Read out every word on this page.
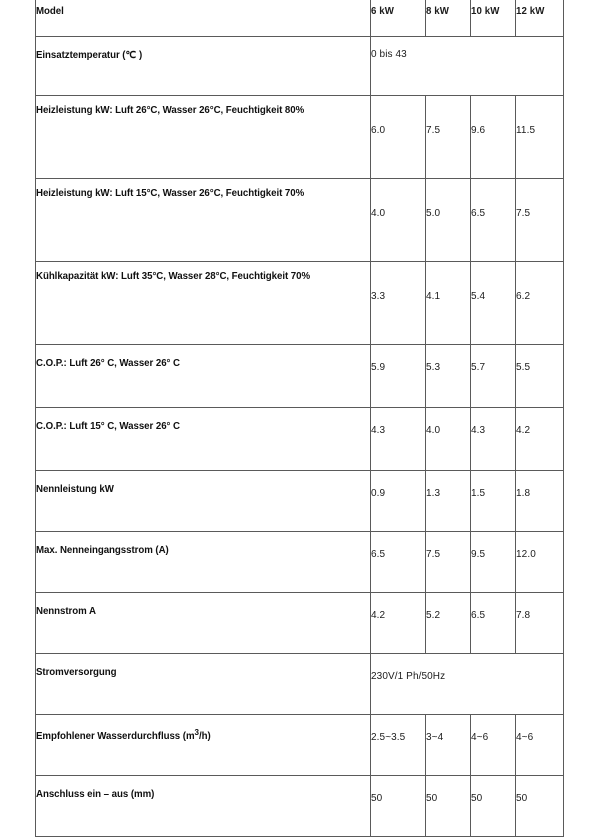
Model	6 kW	8 kW	10 kW	12 kW
Einsatztemperatur (℃ )	0 bis 43			
Heizleistung kW: Luft 26°C, Wasser 26°C, Feuchtigkeit 80%	6.0	7.5	9.6	11.5
Heizleistung kW: Luft 15°C, Wasser 26°C, Feuchtigkeit 70%	4.0	5.0	6.5	7.5
Kühlkapazität kW: Luft 35°C, Wasser 28°C, Feuchtigkeit 70%	3.3	4.1	5.4	6.2
C.O.P.: Luft 26° C, Wasser 26° C	5.9	5.3	5.7	5.5
C.O.P.: Luft 15° C, Wasser 26° C	4.3	4.0	4.3	4.2
Nennleistung kW	0.9	1.3	1.5	1.8
Max. Nenneingangsstrom (A)	6.5	7.5	9.5	12.0
Nennstrom A	4.2	5.2	6.5	7.8
Stromversorgung	230V/1 Ph/50Hz			
Empfohlener Wasserdurchfluss $(m^3/h)$	2.5~3.5	3~4	4~6	4~6
Anschluss ein – aus (mm)	50	50	50	50
